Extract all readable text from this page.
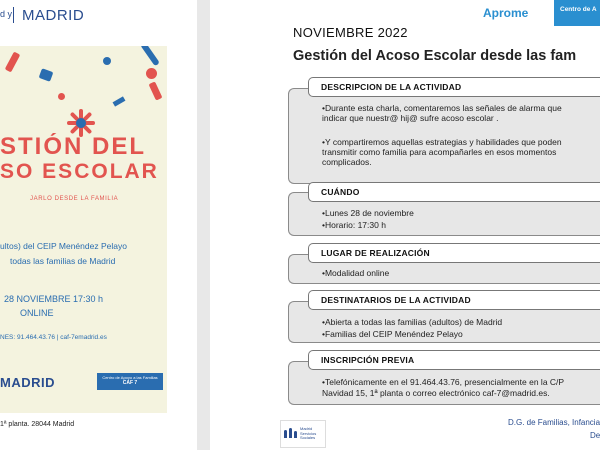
d y MADRID
STIÓN DEL
SO ESCOLAR
JARLO DESDE LA FAMILIA
ultos) del CEIP Menéndez Pelayo
todas las familias de Madrid
28 NOVIEMBRE 17:30 h
ONLINE
NES: 91.464.43.76 | caf-7emadrid.es
MADRID	Centro de Apoyo a las Familias
CAF 7
1ª planta. 28044 Madrid
Aprome	Centro de A
NOVIEMBRE 2022
Gestión del Acoso Escolar desde las fam
DESCRIPCION DE LA ACTIVIDAD
•Durante esta charla, comentaremos las señales de alarma que
indicar que nuestr@ hij@ sufre acoso escolar .
•Y compartiremos aquellas estrategias y habilidades que poden
transmitir como familia para acompañarles en esos momentos
complicados.
CUÁNDO
•Lunes 28 de noviembre
•Horario: 17:30 h
LUGAR DE REALIZACIÓN
•Modalidad online
DESTINATARIOS DE LA ACTIVIDAD
•Abierta a todas las familias (adultos) de Madrid
•Familias del CEIP Menéndez Pelayo
INSCRIPCIÓN PREVIA
•Telefónicamente en el 91.464.43.76, presencialmente en la C/P
Navidad 15, 1ª planta o correo electrónico caf-7@madrid.es.
Madrid Servicios Sociales
D.G. de Familias, Infancia
De
